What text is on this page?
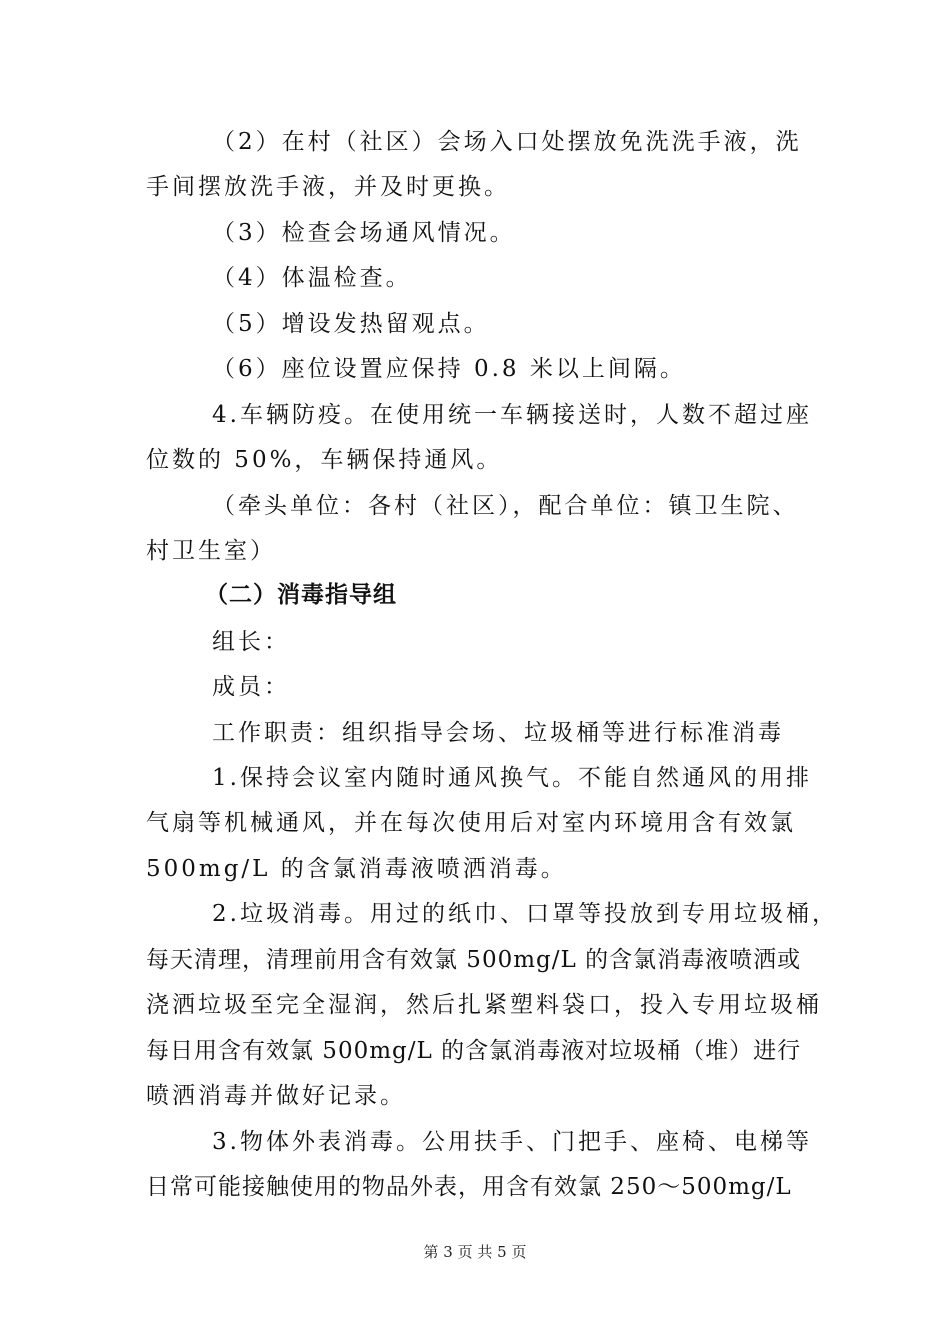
（2）在村（社区）会场入口处摆放免洗洗手液，洗
手间摆放洗手液，并及时更换。
（3）检查会场通风情况。
（4）体温检查。
（5）增设发热留观点。
（6）座位设置应保持 0.8 米以上间隔。
4.车辆防疫。在使用统一车辆接送时，人数不超过座
位数的 50%，车辆保持通风。
（牵头单位：各村（社区），配合单位：镇卫生院、
村卫生室）
（二）消毒指导组
组长：
成员：
工作职责：组织指导会场、垃圾桶等进行标准消毒
1.保持会议室内随时通风换气。不能自然通风的用排
气扇等机械通风，并在每次使用后对室内环境用含有效氯
500mg/L 的含氯消毒液喷洒消毒。
2.垃圾消毒。用过的纸巾、口罩等投放到专用垃圾桶，
每天清理，清理前用含有效氯 500mg/L 的含氯消毒液喷洒或
浇洒垃圾至完全湿润，然后扎紧塑料袋口，投入专用垃圾桶
每日用含有效氯 500mg/L 的含氯消毒液对垃圾桶（堆）进行
喷洒消毒并做好记录。
3.物体外表消毒。公用扶手、门把手、座椅、电梯等
日常可能接触使用的物品外表，用含有效氯 250～500mg/L
第 3 页 共 5 页
